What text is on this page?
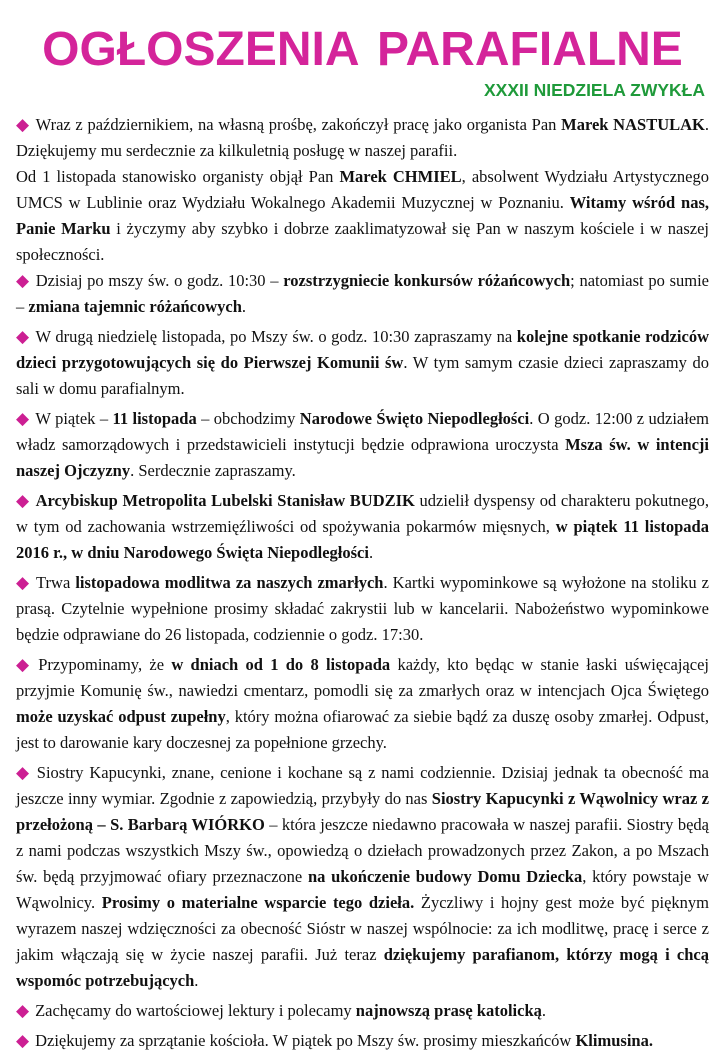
OGŁOSZENIA PARAFIALNE
XXXII NIEDZIELA ZWYKŁA
◆ Wraz z październikiem, na własną prośbę, zakończył pracę jako organista Pan Marek NASTULAK. Dziękujemy mu serdecznie za kilkuletnią posługę w naszej parafii.
Od 1 listopada stanowisko organisty objął Pan Marek CHMIEL, absolwent Wydziału Artystycznego UMCS w Lublinie oraz Wydziału Wokalnego Akademii Muzycznej w Poznaniu. Witamy wśród nas, Panie Marku i życzymy aby szybko i dobrze zaaklimatyzował się Pan w naszym kościele i w naszej społeczności.
◆ Dzisiaj po mszy św. o godz. 10:30 – rozstrzygniecie konkursów różańcowych; natomiast po sumie – zmiana tajemnic różańcowych.
◆ W drugą niedzielę listopada, po Mszy św. o godz. 10:30 zapraszamy na kolejne spotkanie rodziców dzieci przygotowujących się do Pierwszej Komunii św. W tym samym czasie dzieci zapraszamy do sali w domu parafialnym.
◆ W piątek – 11 listopada – obchodzimy Narodowe Święto Niepodległości. O godz. 12:00 z udziałem władz samorządowych i przedstawicieli instytucji będzie odprawiona uroczysta Msza św. w intencji naszej Ojczyzny. Serdecznie zapraszamy.
◆ Arcybiskup Metropolita Lubelski Stanisław BUDZIK udzielił dyspensy od charakteru pokutnego, w tym od zachowania wstrzemięźliwości od spożywania pokarmów mięsnych, w piątek 11 listopada 2016 r., w dniu Narodowego Święta Niepodległości.
◆ Trwa listopadowa modlitwa za naszych zmarłych. Kartki wypominkowe są wyłożone na stoliku z prasą. Czytelnie wypełnione prosimy składać zakrystii lub w kancelarii. Nabożeństwo wypominkowe będzie odprawiane do 26 listopada, codziennie o godz. 17:30.
◆ Przypominamy, że w dniach od 1 do 8 listopada każdy, kto będąc w stanie łaski uświęcającej przyjmie Komunię św., nawiedzi cmentarz, pomodli się za zmarłych oraz w intencjach Ojca Świętego może uzyskać odpust zupełny, który można ofiarować za siebie bądź za duszę osoby zmarłej. Odpust, jest to darowanie kary doczesnej za popełnione grzechy.
◆ Siostry Kapucynki, znane, cenione i kochane są z nami codziennie. Dzisiaj jednak ta obecność ma jeszcze inny wymiar. Zgodnie z zapowiedzią, przybyły do nas Siostry Kapucynki z Wąwolnicy wraz z przełożoną – S. Barbarą WIÓRKO – która jeszcze niedawno pracowała w naszej parafii. Siostry będą z nami podczas wszystkich Mszy św., opowiedzą o dziełach prowadzonych przez Zakon, a po Mszach św. będą przyjmować ofiary przeznaczone na ukończenie budowy Domu Dziecka, który powstaje w Wąwolnicy. Prosimy o materialne wsparcie tego dzieła. Życzliwy i hojny gest może być pięknym wyrazem naszej wdzięczności za obecność Sióstr w naszej wspólnocie: za ich modlitwę, pracę i serce z jakim włączają się w życie naszej parafii. Już teraz dziękujemy parafianom, którzy mogą i chcą wspomóc potrzebujących.
◆ Zachęcamy do wartościowej lektury i polecamy najnowszą prasę katolicką.
◆ Dziękujemy za sprzątanie kościoła. W piątek po Mszy św. prosimy mieszkańców Klimusina.
